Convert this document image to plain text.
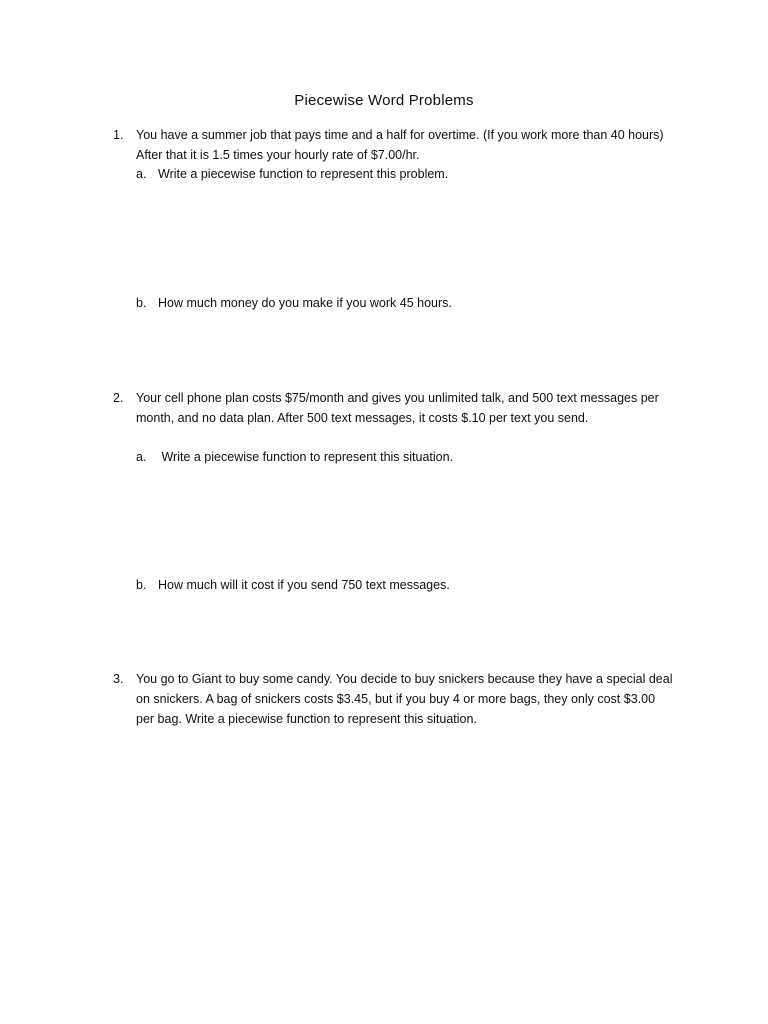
Piecewise Word Problems
1. You have a summer job that pays time and a half for overtime. (If you work more than 40 hours)
After that it is 1.5 times your hourly rate of $7.00/hr.
a. Write a piecewise function to represent this problem.
b. How much money do you make if you work 45 hours.
2. Your cell phone plan costs $75/month and gives you unlimited talk, and 500 text messages per
month, and no data plan. After 500 text messages, it costs $.10 per text you send.
a. Write a piecewise function to represent this situation.
b. How much will it cost if you send 750 text messages.
3. You go to Giant to buy some candy. You decide to buy snickers because they have a special deal
on snickers. A bag of snickers costs $3.45, but if you buy 4 or more bags, they only cost $3.00
per bag. Write a piecewise function to represent this situation.
